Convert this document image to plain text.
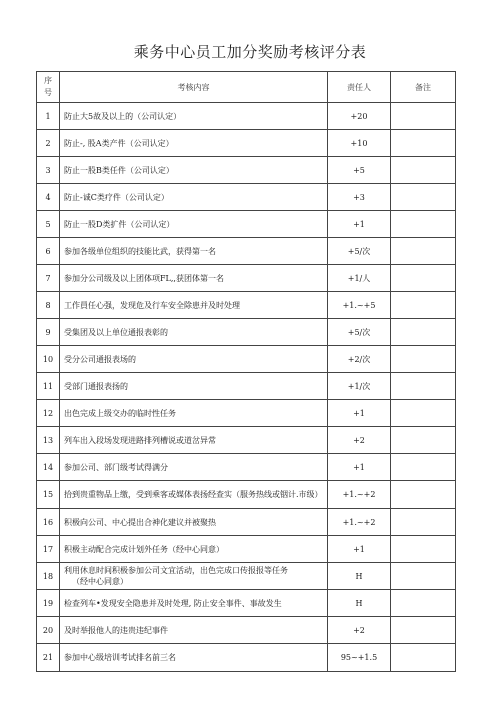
乘务中心员工加分奖励考核评分表
序
号	考核内容	责任人	备注
1	防止大5故及以上的（公司认定）	+20	
2	防止-, 股A类产件（公司认定）	+10	
3	防止一股B类任件（公司认定）	+5	
4	防止-诚C类疗件（公司认定）	+3	
5	防止一股D类扩件（公司认定）	+1	
6	参加各级单位组织的技能比武，获得第一名	+5/次	
7	参加分公司级及以上团体项FL,,获团体第一名	+1/人	
8	工作員任心强，发现危及行车安全除患并及时处理	+1.~+5	
9	受集团及以上单位通报表彰的	+5/次	
10	受分公司通报表场的	+2/次	
11	受部门通报表扬的	+1/次	
12	出色完成上级交办的临时性任务	+1	
13	列车出入段场发现进路排列槽说或道岔异常	+2	
14	参加公司、部门级考试得满分	+1	
15	拾到贵重物品上缴，受到乘客或媒体表扬经查实（服务热线或铟计.市级）	+1.~+2	
16	积极向公司、中心提出合神化建议并被聚热	+1.~+2	
17	积极主动配合完成计划外任务（经中心同意）	+1	
18	利用休息时间积极参加公司文宜活动，出色完成口传报报等任务
（经中心同意）	H	
19	检查列车•发现安全隐患并及时处理, 防止安全事件、事故发生	H	
20	及时举报他人的违贵违纪事件	+2	
21	参加中心级培训考试排名前三名	95~+1.5	
